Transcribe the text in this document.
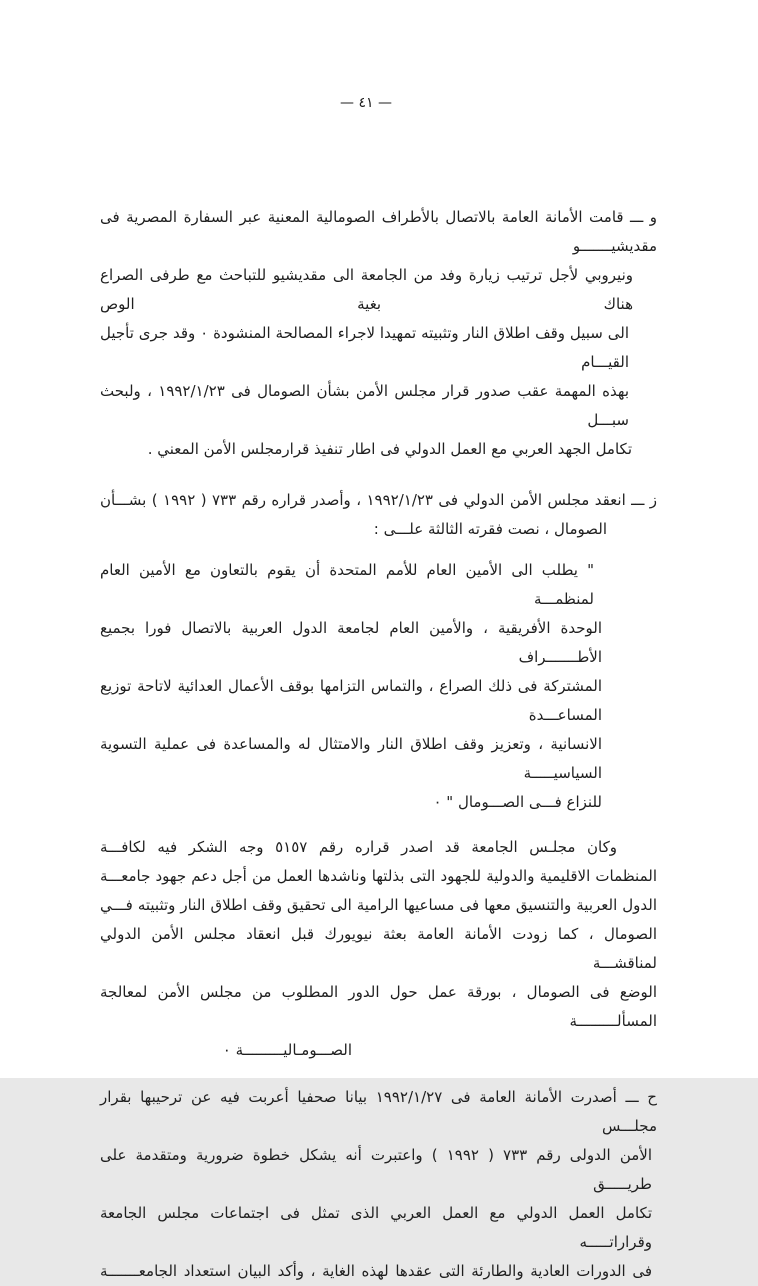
— ٤١ —
و ـــ قامت الأمانة العامة بالاتصال بالأطراف الصومالية المعنية عبر السفارة المصرية فى مقديشيـــــــو
ونيروبي لأجل ترتيب زيارة وفد من الجامعة الى مقديشيو للتباحث مع طرفى الصراع هناك بغية الوص
الى سبيل وقف اطلاق النار وتثبيته تمهيدا لاجراء المصالحة المنشودة ٠ وقد جرى تأجيل القيـــام
بهذه المهمة عقب صدور قرار مجلس الأمن بشأن الصومال فى ١٩٩٢/١/٢٣ ، ولبحث سبـــل
تكامل الجهد العربي مع العمل الدولي فى اطار تنفيذ قرارمجلس الأمن المعني .
ز ـــ انعقد مجلس الأمن الدولي فى ١٩٩٢/١/٢٣ ، وأصدر قراره رقم ٧٣٣ ( ١٩٩٢ ) بشـــأن
الصومال ، نصت فقرته الثالثة علـــى :
" يطلب الى الأمين العام للأمم المتحدة أن يقوم بالتعاون مع الأمين العام لمنظمـــة
الوحدة الأفريقية ، والأمين العام لجامعة الدول العربية بالاتصال فورا بجميع الأطـــــــراف
المشتركة فى ذلك الصراع ، والتماس التزامها بوقف الأعمال العدائية لاتاحة توزيع المساعـــدة
الانسانية ، وتعزيز وقف اطلاق النار والامتثال له والمساعدة فى عملية التسوية السياسيـــــة
للنزاع فـــى الصـــومال " ٠
وكان مجلـس الجامعة قد اصدر قراره رقم ٥١٥٧ وجه الشكر فيه لكافـــة
المنظمات الاقليمية والدولية للجهود التى بذلتها وناشدها العمل من أجل دعم جهود جامعـــة
الدول العربية والتنسيق معها فى مساعيها الرامية الى تحقيق وقف اطلاق النار وتثبيته فـــي
الصومال ، كما زودت الأمانة العامة بعثة نيويورك قبل انعقاد مجلس الأمن الدولي لمناقشـــة
الوضع فى الصومال ، بورقة عمل حول الدور المطلوب من مجلس الأمن لمعالجة المسألـــــــــة
الصـــومـاليـــــــــة ٠
ح ـــ أصدرت الأمانة العامة فى ١٩٩٢/١/٢٧ بيانا صحفيا أعربت فيه عن ترحيبها بقرار مجلـــس
الأمن الدولى رقم ٧٣٣ ( ١٩٩٢ ) واعتبرت أنه يشكل خطوة ضرورية ومتقدمة على طريـــــق
تكامل العمل الدولي مع العمل العربي الذى تمثل فى اجتماعات مجلس الجامعة وقراراتـــــه
فى الدورات العادية والطارئة التى عقدها لهذه الغاية ، وأكد البيان استعداد الجامعـــــــة
